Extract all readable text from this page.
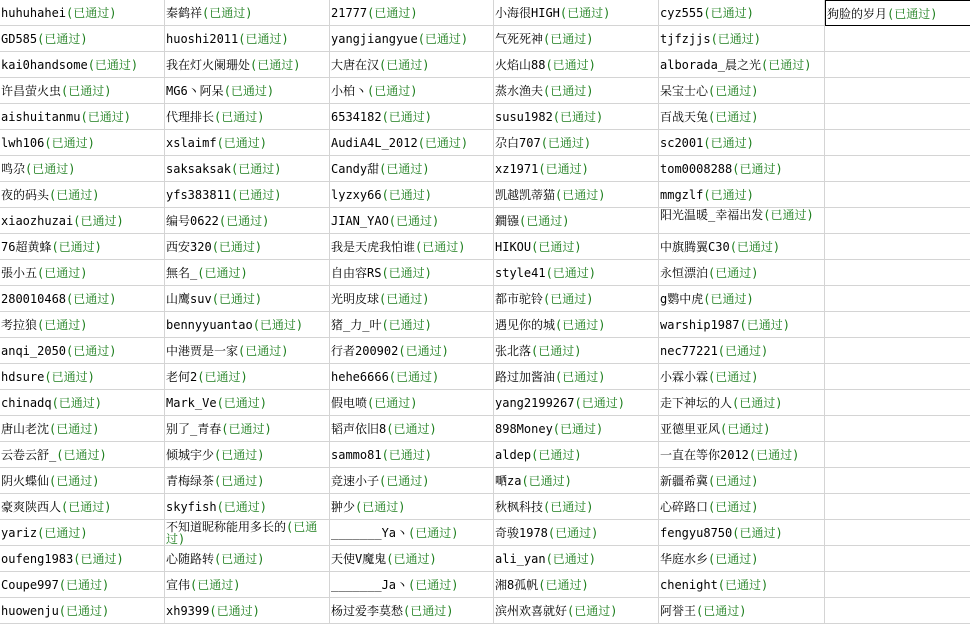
huhuhahei(已通过)	秦鹤祥(已通过)	21777(已通过)	小海很HIGH(已通过)	cyz555(已通过)	狗脸的岁月(已通过)
GD585(已通过)	huoshi2011(已通过)	yangjiangyue(已通过)	气死死神(已通过)	tjfzjjs(已通过)
kai0handsome(已通过)	我在灯火阑珊处(已通过)	大唐在汉(已通过)	火焰山88(已通过)	alborada_晨之光(已通过)
许昌萤火虫(已通过)	MG6丶阿呆(已通过)	小柏丶(已通过)	蒸水渔夫(已通过)	呆宝士心(已通过)
aishuitanmu(已通过)	代理排长(已通过)	6534182(已通过)	susu1982(已通过)	百战天兔(已通过)
lwh106(已通过)	xslaimf(已通过)	AudiA4L_2012(已通过)	尕白707(已通过)	sc2001(已通过)
鸣尕(已通过)	saksaksak(已通过)	Candy甜(已通过)	xz1971(已通过)	tom0008288(已通过)
夜的码头(已通过)	yfs383811(已通过)	lyzxy66(已通过)	凯越凯蒂猫(已通过)	mmgzlf(已通过)
xiaozhuzai(已通过)	编号0622(已通过)	JIAN_YAO(已通过)	鐗镪(已通过)	阳光温暖_幸福出发(已通过)
76超黄蜂(已通过)	西安320(已通过)	我是天虎我怕谁(已通过)	HIKOU(已通过)	中旗腾翼C30(已通过)
張小五(已通过)	無名_(已通过)	自由容RS(已通过)	style41(已通过)	永恒漂泊(已通过)
280010468(已通过)	山鹰suv(已通过)	光明皮球(已通过)	都市驼铃(已通过)	g鹦中虎(已通过)
考拉狼(已通过)	bennyyuantao(已通过)	猪_力_叶(已通过)	遇见你的城(已通过)	warship1987(已通过)
anqi_2050(已通过)	中港贾是一家(已通过)	行者200902(已通过)	张北落(已通过)	nec77221(已通过)
hdsure(已通过)	老何2(已通过)	hehe6666(已通过)	路过加酱油(已通过)	小霖小霖(已通过)
chinadq(已通过)	Mark_Ve(已通过)	假电喷(已通过)	yang2199267(已通过)	走下神坛的人(已通过)
唐山老沈(已通过)	别了_青春(已通过)	韬声依旧8(已通过)	898Money(已通过)	亚德里亚风(已通过)
云卷云舒_(已通过)	倾城宇少(已通过)	sammo81(已通过)	aldep(已通过)	一直在等你2012(已通过)
阴火蝶仙(已通过)	青梅绿茶(已通过)	竞速小子(已通过)	嗮za(已通过)	新疆希冀(已通过)
豪爽陕西人(已通过)	skyfish(已通过)	翀少(已通过)	秋枫科技(已通过)	心碎路口(已通过)
yariz(已通过)	不知道昵称能用多长的(已通过)	_______Ya丶(已通过)	奇骏1978(已通过)	fengyu8750(已通过)
oufeng1983(已通过)	心随路转(已通过)	天使V魔鬼(已通过)	ali_yan(已通过)	华庭水乡(已通过)
Coupe997(已通过)	宣伟(已通过)	_______Ja丶(已通过)	湘8孤帆(已通过)	chenight(已通过)
huowenju(已通过)	xh9399(已通过)	杨过爱李莫愁(已通过)	滨州欢喜就好(已通过)	阿誉王(已通过)
